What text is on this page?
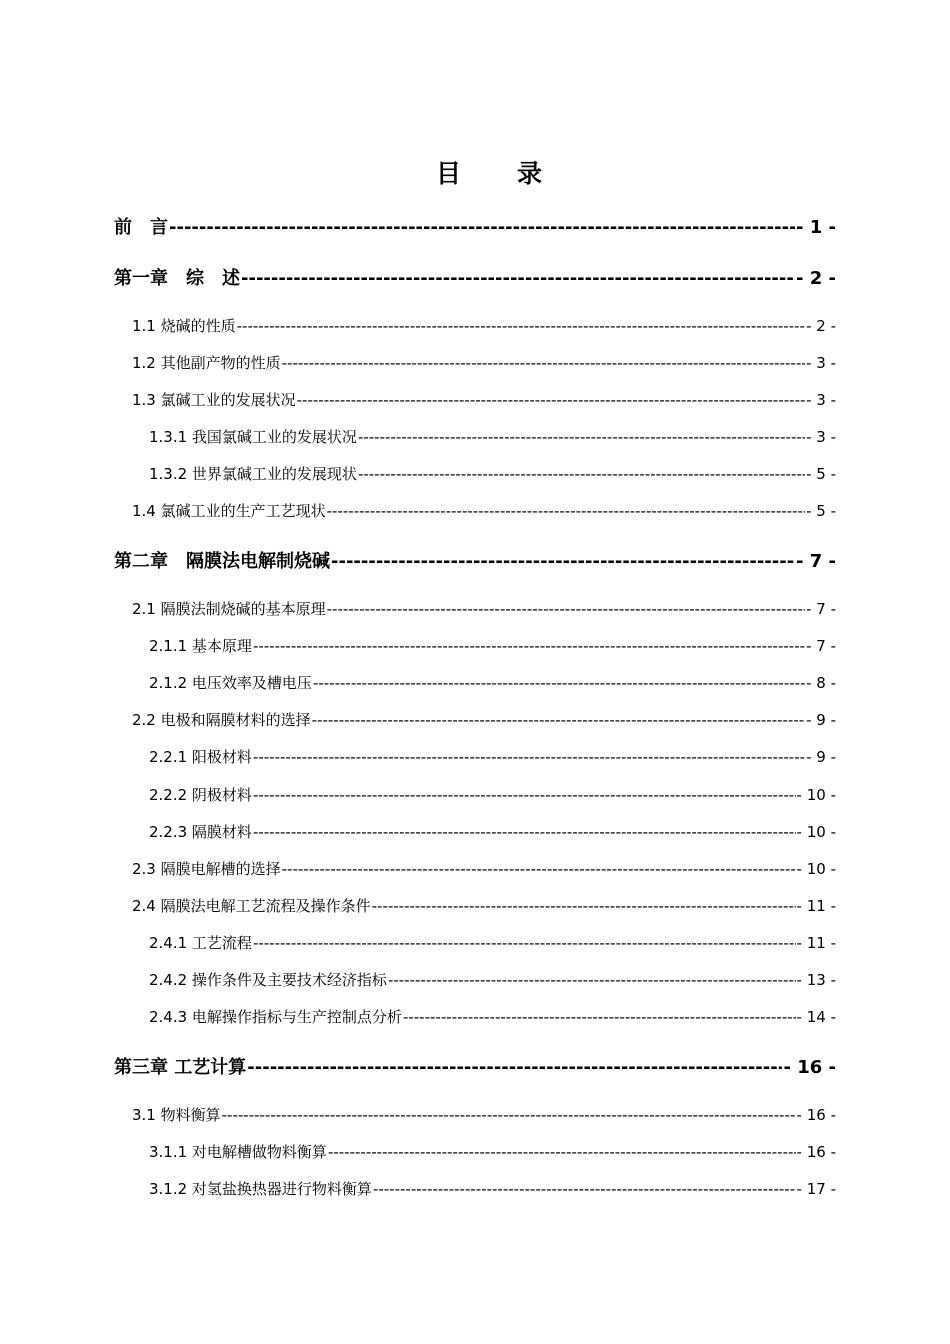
目　　录
前　言 -----	- 1 -
第一章　综　述 -----	- 2 -
1.1 烧碱的性质 -----	- 2 -
1.2 其他副产物的性质 -----	- 3 -
1.3 氯碱工业的发展状况 -----	- 3 -
1.3.1 我国氯碱工业的发展状况 -----	- 3 -
1.3.2 世界氯碱工业的发展现状 -----	- 5 -
1.4 氯碱工业的生产工艺现状 -----	- 5 -
第二章　隔膜法电解制烧碱 -----	- 7 -
2.1 隔膜法制烧碱的基本原理 -----	- 7 -
2.1.1 基本原理 -----	- 7 -
2.1.2 电压效率及槽电压 -----	- 8 -
2.2 电极和隔膜材料的选择 -----	- 9 -
2.2.1 阳极材料 -----	- 9 -
2.2.2 阴极材料 -----	- 10 -
2.2.3 隔膜材料 -----	- 10 -
2.3 隔膜电解槽的选择 -----	- 10 -
2.4 隔膜法电解工艺流程及操作条件 -----	- 11 -
2.4.1 工艺流程 -----	- 11 -
2.4.2 操作条件及主要技术经济指标 -----	- 13 -
2.4.3 电解操作指标与生产控制点分析 -----	- 14 -
第三章 工艺计算 -----	- 16 -
3.1 物料衡算 -----	- 16 -
3.1.1 对电解槽做物料衡算 -----	- 16 -
3.1.2 对氢盐换热器进行物料衡算 -----	- 17 -
